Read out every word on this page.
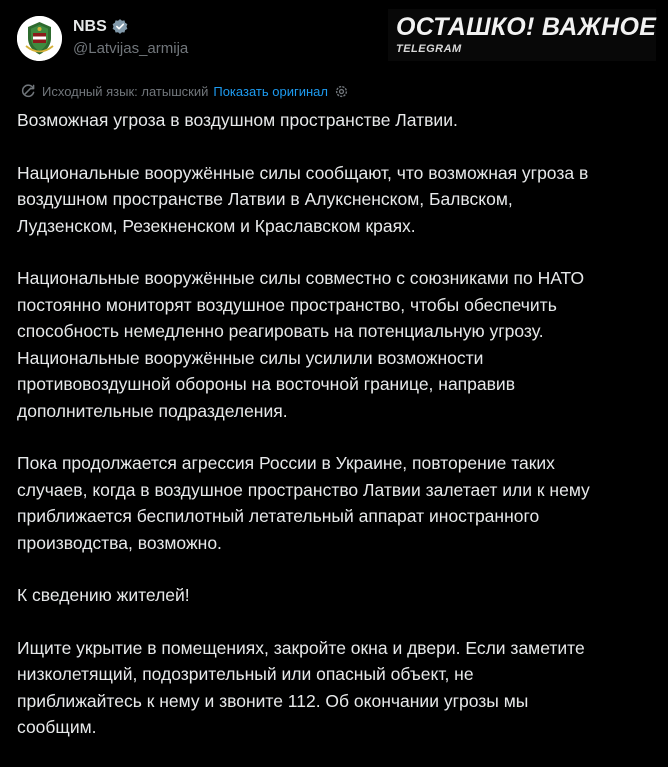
NBS
@Latvijas_armija
ОСТАШКО! ВАЖНОЕ
TELEGRAM
Исходный язык: латышский Показать оригинал

Возможная угроза в воздушном пространстве Латвии.

Национальные вооружённые силы сообщают, что возможная угроза в
воздушном пространстве Латвии в Алуксненском, Балвском,
Лудзенском, Резекненском и Краславском краях.

Национальные вооружённые силы совместно с союзниками по НАТО
постоянно мониторят воздушное пространство, чтобы обеспечить
способность немедленно реагировать на потенциальную угрозу.
Национальные вооружённые силы усилили возможности
противовоздушной обороны на восточной границе, направив
дополнительные подразделения.

Пока продолжается агрессия России в Украине, повторение таких
случаев, когда в воздушное пространство Латвии залетает или к нему
приближается беспилотный летательный аппарат иностранного
производства, возможно.

К сведению жителей!

Ищите укрытие в помещениях, закройте окна и двери. Если заметите
низколетящий, подозрительный или опасный объект, не
приближайтесь к нему и звоните 112. Об окончании угрозы мы
сообщим.
